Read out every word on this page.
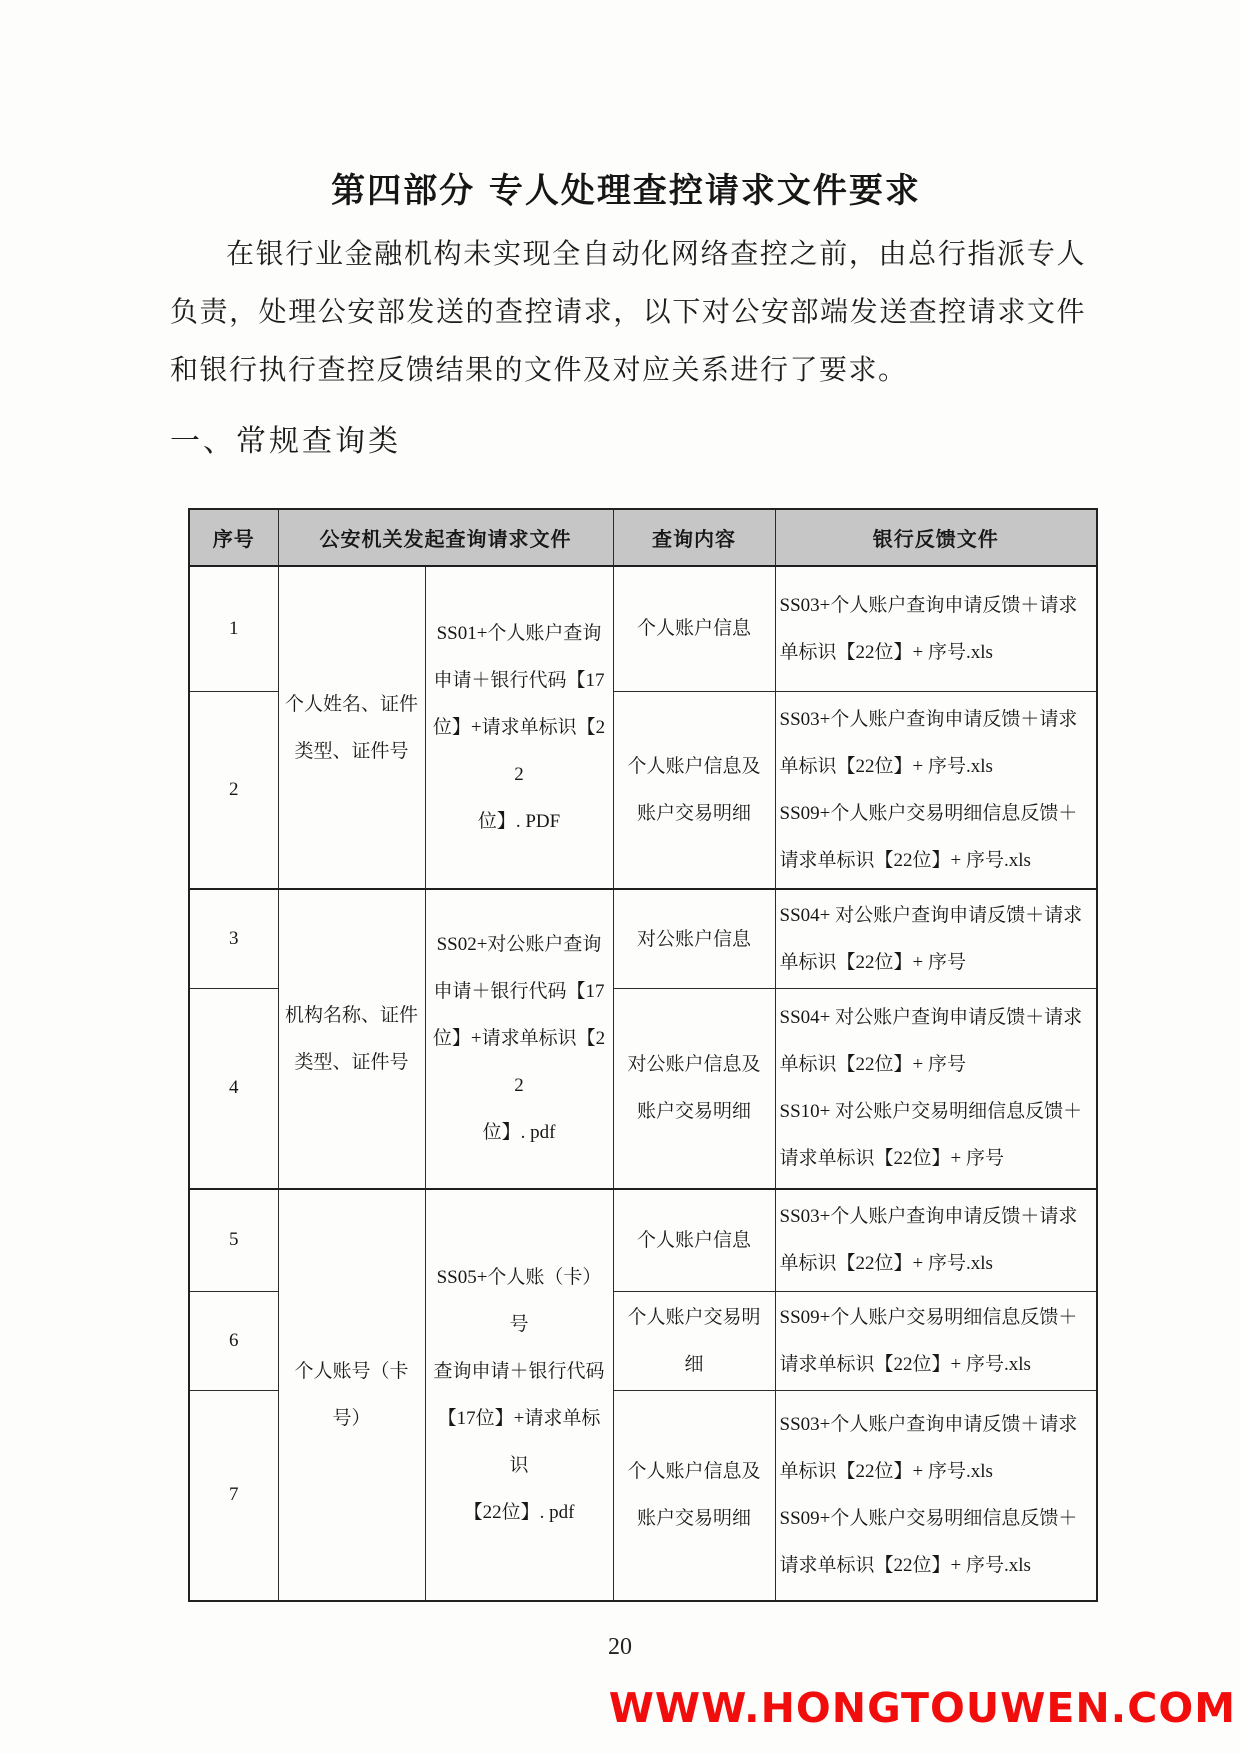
第四部分 专人处理查控请求文件要求
在银行业金融机构未实现全自动化网络查控之前，由总行指派专人负责，处理公安部发送的查控请求，以下对公安部端发送查控请求文件和银行执行查控反馈结果的文件及对应关系进行了要求。
一、常规查询类
序号	公安机关发起查询请求文件		查询内容	银行反馈文件
1	个人姓名、证件
类型、证件号	SS01+个人账户查询
申请＋银行代码【17
位】+请求单标识【22
位】. PDF	个人账户信息	SS03+个人账户查询申请反馈＋请求
单标识【22位】+ 序号.xls
2			个人账户信息及
账户交易明细	SS03+个人账户查询申请反馈＋请求
单标识【22位】+ 序号.xls
SS09+个人账户交易明细信息反馈＋
请求单标识【22位】+ 序号.xls
3	机构名称、证件
类型、证件号	SS02+对公账户查询
申请＋银行代码【17
位】+请求单标识【22
位】. pdf	对公账户信息	SS04+ 对公账户查询申请反馈＋请求
单标识【22位】+ 序号
4			对公账户信息及
账户交易明细	SS04+ 对公账户查询申请反馈＋请求
单标识【22位】+ 序号
SS10+ 对公账户交易明细信息反馈＋
请求单标识【22位】+ 序号
5	个人账号（卡
号）	SS05+个人账（卡）号
查询申请＋银行代码
【17位】+请求单标识
【22位】. pdf	个人账户信息	SS03+个人账户查询申请反馈＋请求
单标识【22位】+ 序号.xls
6			个人账户交易明
细	SS09+个人账户交易明细信息反馈＋
请求单标识【22位】+ 序号.xls
7			个人账户信息及
账户交易明细	SS03+个人账户查询申请反馈＋请求
单标识【22位】+ 序号.xls
SS09+个人账户交易明细信息反馈＋
请求单标识【22位】+ 序号.xls
20
WWW.HONGTOUWEN.COM
